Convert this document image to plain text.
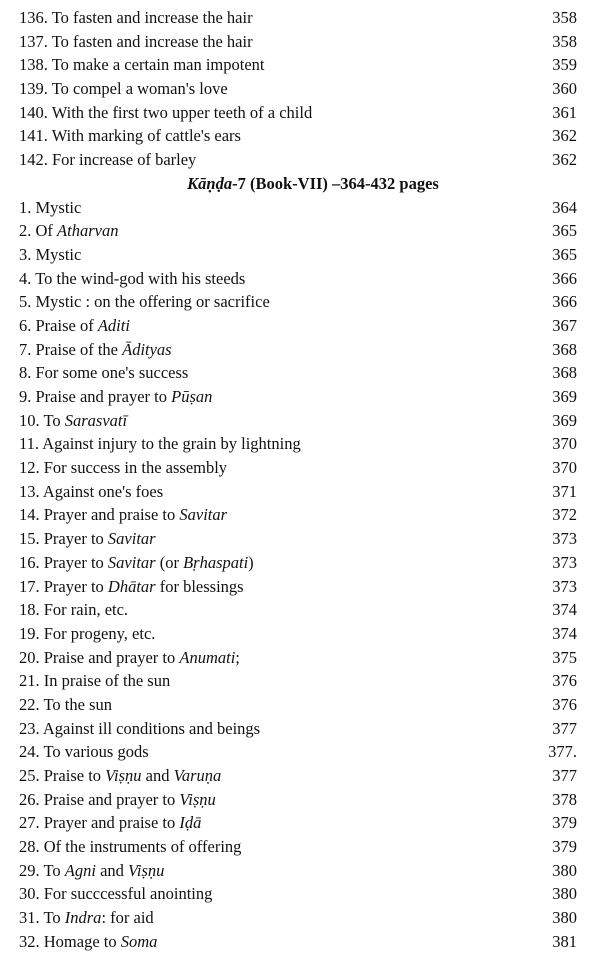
136. To fasten and increase the hair	358
137. To fasten and increase the hair	358
138. To make a certain man impotent	359
139. To compel a woman's love	360
140. With the first two upper teeth of a child	361
141. With marking of cattle's ears	362
142. For increase of barley	362
Kāṇḍa-7 (Book-VII) –364-432 pages
1. Mystic	364
2. Of Atharvan	365
3. Mystic	365
4. To the wind-god with his steeds	366
5. Mystic : on the offering or sacrifice	366
6. Praise of Aditi	367
7. Praise of the Ādityas	368
8. For some one's success	368
9. Praise and prayer to Pūṣan	369
10. To Sarasvatī	369
11. Against injury to the grain by lightning	370
12. For success in the assembly	370
13. Against one's foes	371
14. Prayer and praise to Savitar	372
15. Prayer to Savitar	373
16. Prayer to Savitar (or Bṛhaspati)	373
17. Prayer to Dhātar for blessings	373
18. For rain, etc.	374
19. For progeny, etc.	374
20. Praise and prayer to Anumati;	375
21. In praise of the sun	376
22. To the sun	376
23. Against ill conditions and beings	377
24. To various gods	377.
25. Praise to Viṣṇu and Varuṇa	377
26. Praise and prayer to Viṣṇu	378
27. Prayer and praise to Iḍā	379
28. Of the instruments of offering	379
29. To Agni and Viṣṇu	380
30. For succcessful anointing	380
31. To Indra: for aid	380
32. Homage to Soma	381
